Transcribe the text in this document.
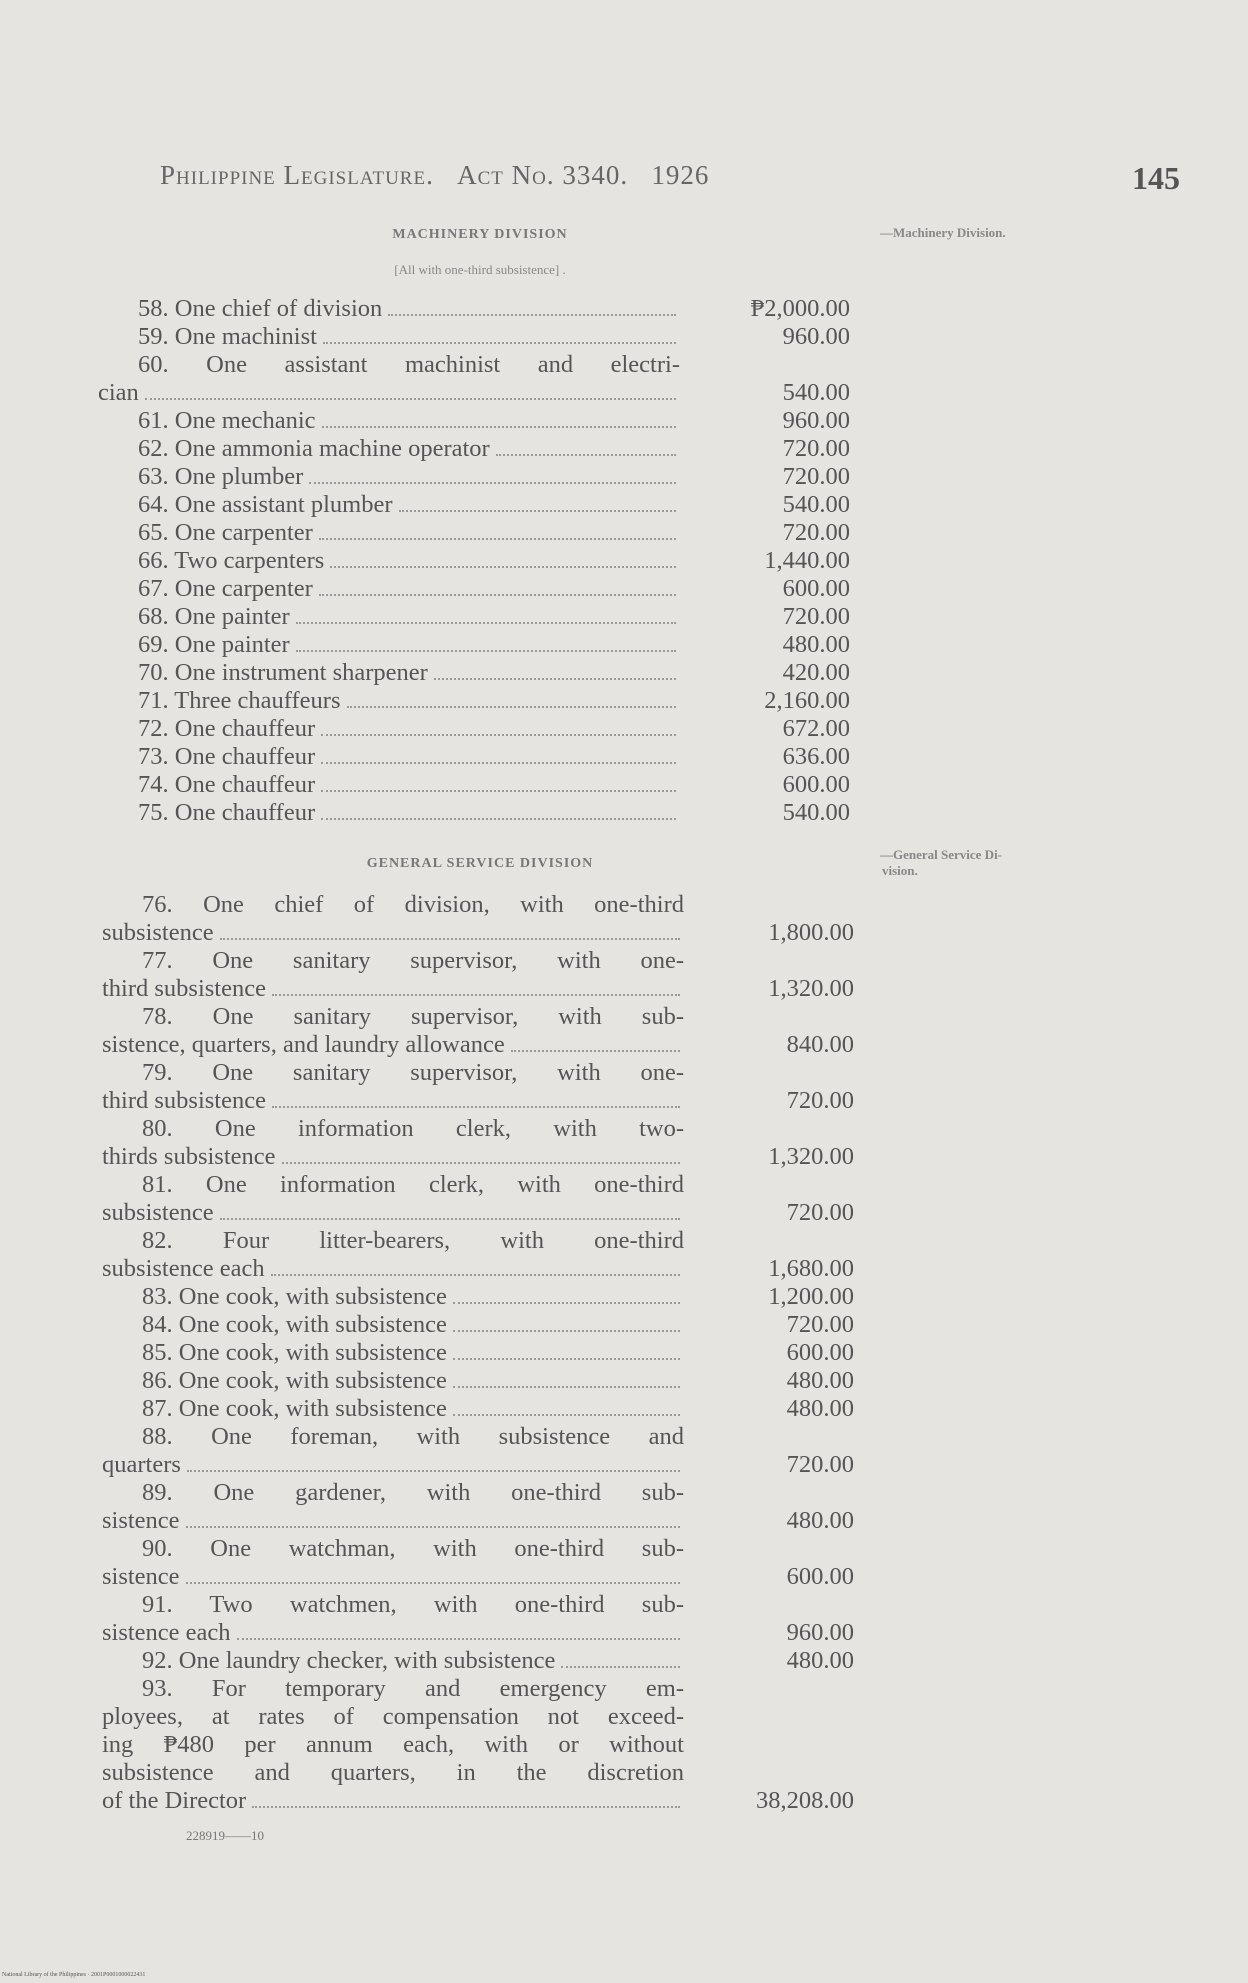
Philippine Legislature. Act No. 3340. 1926	145
MACHINERY DIVISION
[All with one-third subsistence] .
—Machinery Division.
58. One chief of division	₱2,000.00
59. One machinist	960.00
60. One assistant machinist and electri-
cian	540.00
61. One mechanic	960.00
62. One ammonia machine operator	720.00
63. One plumber	720.00
64. One assistant plumber	540.00
65. One carpenter	720.00
66. Two carpenters	1,440.00
67. One carpenter	600.00
68. One painter	720.00
69. One painter	480.00
70. One instrument sharpener	420.00
71. Three chauffeurs	2,160.00
72. One chauffeur	672.00
73. One chauffeur	636.00
74. One chauffeur	600.00
75. One chauffeur	540.00
GENERAL SERVICE DIVISION
—General Service Di-
vision.
76. One chief of division, with one-third
subsistence	1,800.00
77. One sanitary supervisor, with one-
third subsistence	1,320.00
78. One sanitary supervisor, with sub-
sistence, quarters, and laundry allowance	840.00
79. One sanitary supervisor, with one-
third subsistence	720.00
80. One information clerk, with two-
thirds subsistence	1,320.00
81. One information clerk, with one-third
subsistence	720.00
82. Four litter-bearers, with one-third
subsistence each	1,680.00
83. One cook, with subsistence	1,200.00
84. One cook, with subsistence	720.00
85. One cook, with subsistence	600.00
86. One cook, with subsistence	480.00
87. One cook, with subsistence	480.00
88. One foreman, with subsistence and
quarters	720.00
89. One gardener, with one-third sub-
sistence	480.00
90. One watchman, with one-third sub-
sistence	600.00
91. Two watchmen, with one-third sub-
sistence each	960.00
92. One laundry checker, with subsistence	480.00
93. For temporary and emergency em-
ployees, at rates of compensation not exceed-
ing ₱480 per annum each, with or without
subsistence and quarters, in the discretion
of the Director	38,208.00
228919——10
National Library of the Philippines · 2001P0001000022431
